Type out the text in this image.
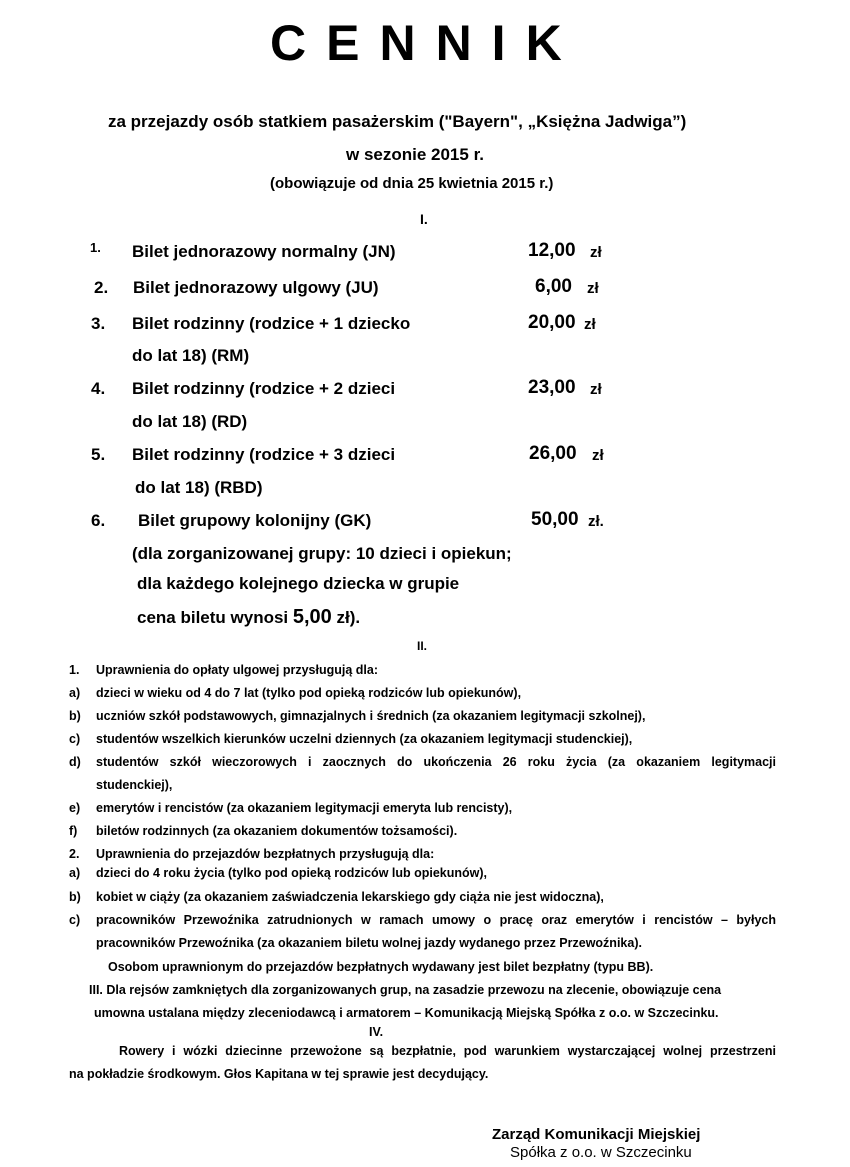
CENNIK
za przejazdy osób statkiem pasażerskim ("Bayern", „Księżna Jadwiga”)
w sezonie 2015 r.
(obowiązuje od dnia 25 kwietnia 2015 r.)
I.
1. Bilet jednorazowy normalny (JN)	12,00 zł
2. Bilet jednorazowy ulgowy (JU)	6,00 zł
3. Bilet rodzinny (rodzice + 1 dziecko
do lat 18) (RM)
20,00 zł
4. Bilet rodzinny (rodzice + 2 dzieci
do lat 18) (RD)
23,00 zł
5. Bilet rodzinny (rodzice + 3 dzieci
do lat 18) (RBD)
26,00 zł
6. Bilet grupowy kolonijny (GK)	50,00 zł.
(dla zorganizowanej grupy: 10 dzieci i opiekun;
dla każdego kolejnego dziecka w grupie
cena biletu wynosi 5,00 zł).
II.
1. Uprawnienia do opłaty ulgowej przysługują dla:
a) dzieci w wieku od 4 do 7 lat (tylko pod opieką rodziców lub opiekunów),
b) uczniów szkół podstawowych, gimnazjalnych i średnich (za okazaniem legitymacji szkolnej),
c) studentów wszelkich kierunków uczelni dziennych (za okazaniem legitymacji studenckiej),
d) studentów szkół wieczorowych i zaocznych do ukończenia 26 roku życia (za okazaniem legitymacji
studenckiej),
e) emerytów i rencistów (za okazaniem legitymacji emeryta lub rencisty),
f) biletów rodzinnych (za okazaniem dokumentów tożsamości).
2. Uprawnienia do przejazdów bezpłatnych przysługują dla:
a) dzieci do 4 roku życia (tylko pod opieką rodziców lub opiekunów),
b) kobiet w ciąży (za okazaniem zaświadczenia lekarskiego gdy ciąża nie jest widoczna),
c) pracowników Przewoźnika zatrudnionych w ramach umowy o pracę oraz emerytów i rencistów – byłych
pracowników Przewoźnika (za okazaniem biletu wolnej jazdy wydanego przez Przewoźnika).
Osobom uprawnionym do przejazdów bezpłatnych wydawany jest bilet bezpłatny (typu BB).
III. Dla rejsów zamkniętych dla zorganizowanych grup, na zasadzie przewozu na zlecenie, obowiązuje cena
umowna ustalana między zleceniodawcą i armatorem – Komunikacją Miejską Spółka z o.o. w Szczecinku.
IV.
Rowery i wózki dziecinne przewożone są bezpłatnie, pod warunkiem wystarczającej wolnej przestrzeni
na pokładzie środkowym. Głos Kapitana w tej sprawie jest decydujący.
Zarząd Komunikacji Miejskiej
Spółka z o.o. w Szczecinku
